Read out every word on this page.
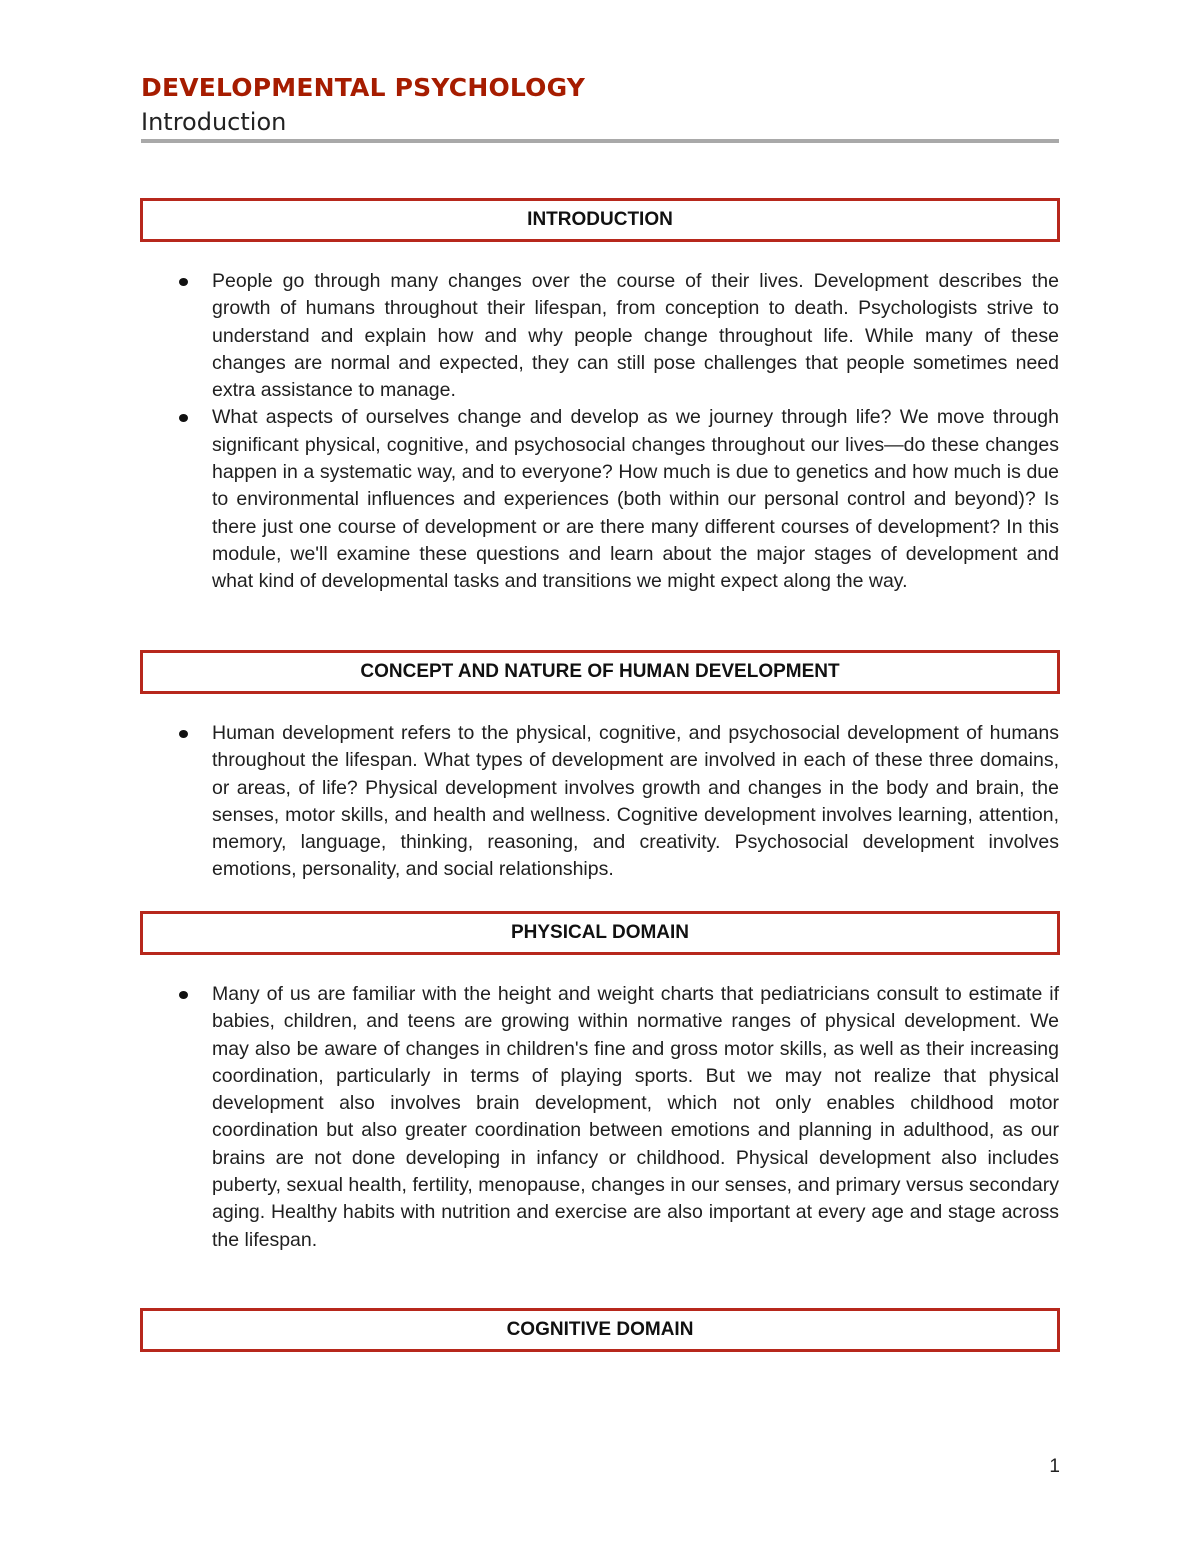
DEVELOPMENTAL PSYCHOLOGY
Introduction
INTRODUCTION
People go through many changes over the course of their lives. Development describes the growth of humans throughout their lifespan, from conception to death. Psychologists strive to understand and explain how and why people change throughout life. While many of these changes are normal and expected, they can still pose challenges that people sometimes need extra assistance to manage.
What aspects of ourselves change and develop as we journey through life? We move through significant physical, cognitive, and psychosocial changes throughout our lives—do these changes happen in a systematic way, and to everyone? How much is due to genetics and how much is due to environmental influences and experiences (both within our personal control and beyond)? Is there just one course of development or are there many different courses of development? In this module, we'll examine these questions and learn about the major stages of development and what kind of developmental tasks and transitions we might expect along the way.
CONCEPT AND NATURE OF HUMAN DEVELOPMENT
Human development refers to the physical, cognitive, and psychosocial development of humans throughout the lifespan. What types of development are involved in each of these three domains, or areas, of life? Physical development involves growth and changes in the body and brain, the senses, motor skills, and health and wellness. Cognitive development involves learning, attention, memory, language, thinking, reasoning, and creativity. Psychosocial development involves emotions, personality, and social relationships.
PHYSICAL DOMAIN
Many of us are familiar with the height and weight charts that pediatricians consult to estimate if babies, children, and teens are growing within normative ranges of physical development. We may also be aware of changes in children's fine and gross motor skills, as well as their increasing coordination, particularly in terms of playing sports. But we may not realize that physical development also involves brain development, which not only enables childhood motor coordination but also greater coordination between emotions and planning in adulthood, as our brains are not done developing in infancy or childhood. Physical development also includes puberty, sexual health, fertility, menopause, changes in our senses, and primary versus secondary aging. Healthy habits with nutrition and exercise are also important at every age and stage across the lifespan.
COGNITIVE DOMAIN
1
